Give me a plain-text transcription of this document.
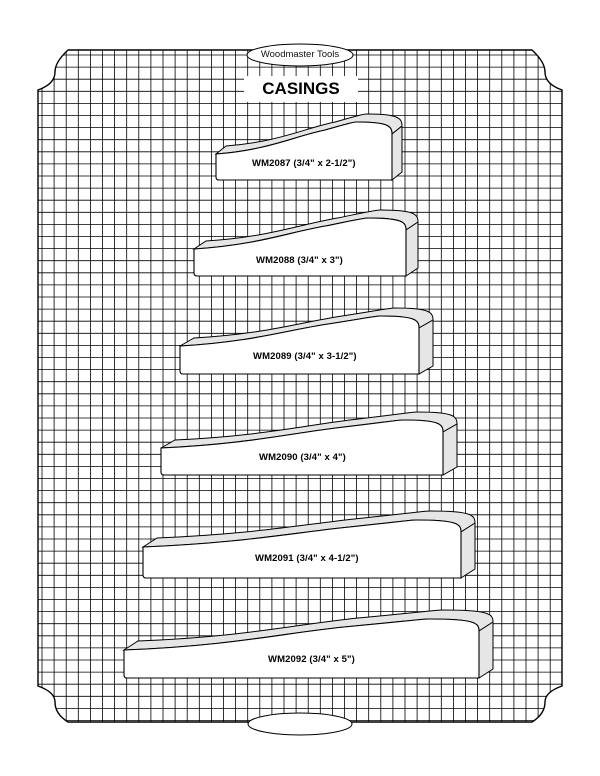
Woodmaster Tools
CASINGS
WM2087 (3/4" x 2-1/2")
WM2088 (3/4" x 3")
WM2089 (3/4" x 3-1/2")
WM2090 (3/4" x 4")
WM2091 (3/4" x 4-1/2")
WM2092 (3/4" x 5")
